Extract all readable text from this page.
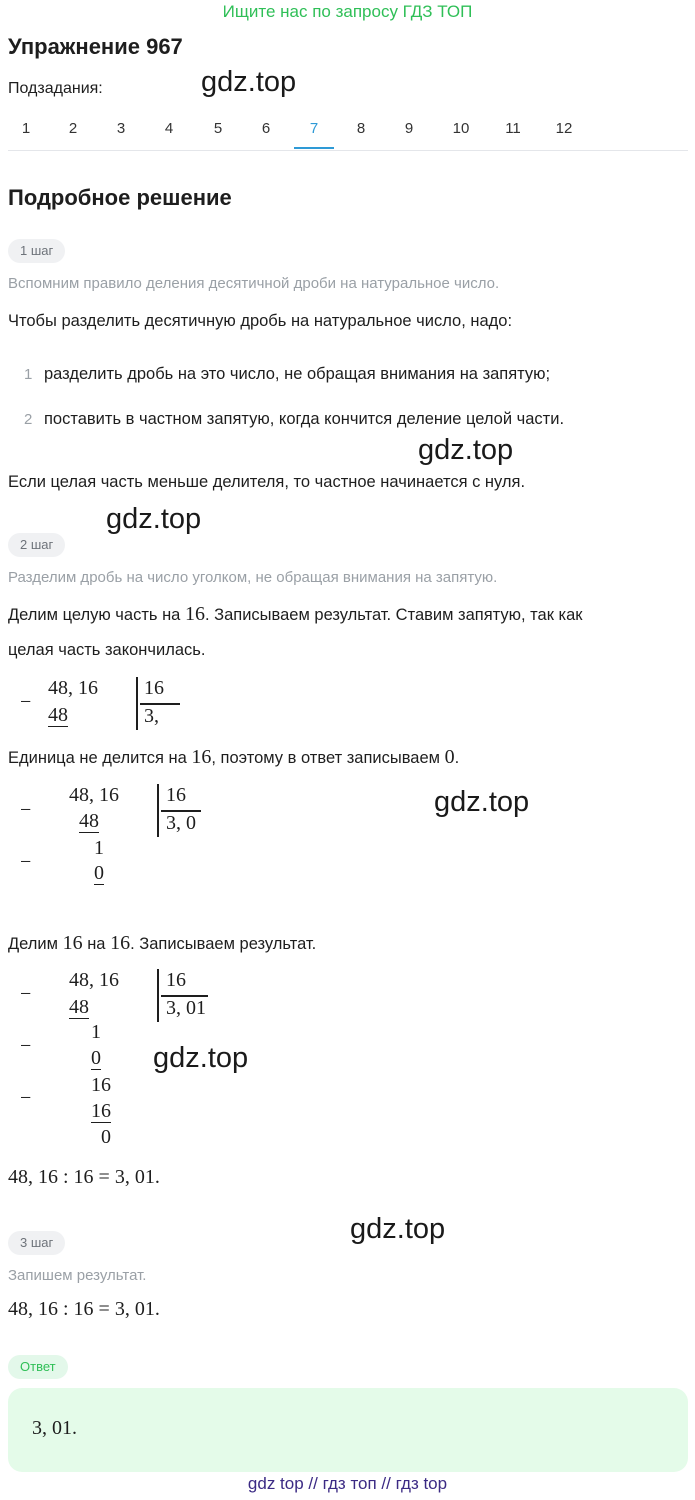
Ищите нас по запросу ГДЗ ТОП
Упражнение 967
Подзадания:	gdz.top
gdz.top
gdz.top
gdz.top
gdz.top
gdz.top
1	2	3	4	5	6	7	8	9	10	11	12
Подробное решение
1 шаг
Вспомним правило деления десятичной дроби на натуральное число.
Чтобы разделить десятичную дробь на натуральное число, надо:
1 разделить дробь на это число, не обращая внимания на запятую;
2 поставить в частном запятую, когда кончится деление целой части.
Если целая часть меньше делителя, то частное начинается с нуля.
2 шаг
Разделим дробь на число уголком, не обращая внимания на запятую.
Делим целую часть на 16. Записываем результат. Ставим запятую, так как
целая часть закончилась.
−
48, 16
48
16
3,
Единица не делится на 16, поэтому в ответ записываем 0.
−
48, 16
48
−
1
0
16
3, 0
Делим 16 на 16. Записываем результат.
−
48, 16
48
−
1
0
−
16
16
0
16
3, 01
48, 16 : 16 = 3, 01.
3 шаг
Запишем результат.
48, 16 : 16 = 3, 01.
Ответ
3, 01.
gdz top // гдз топ // гдз top
